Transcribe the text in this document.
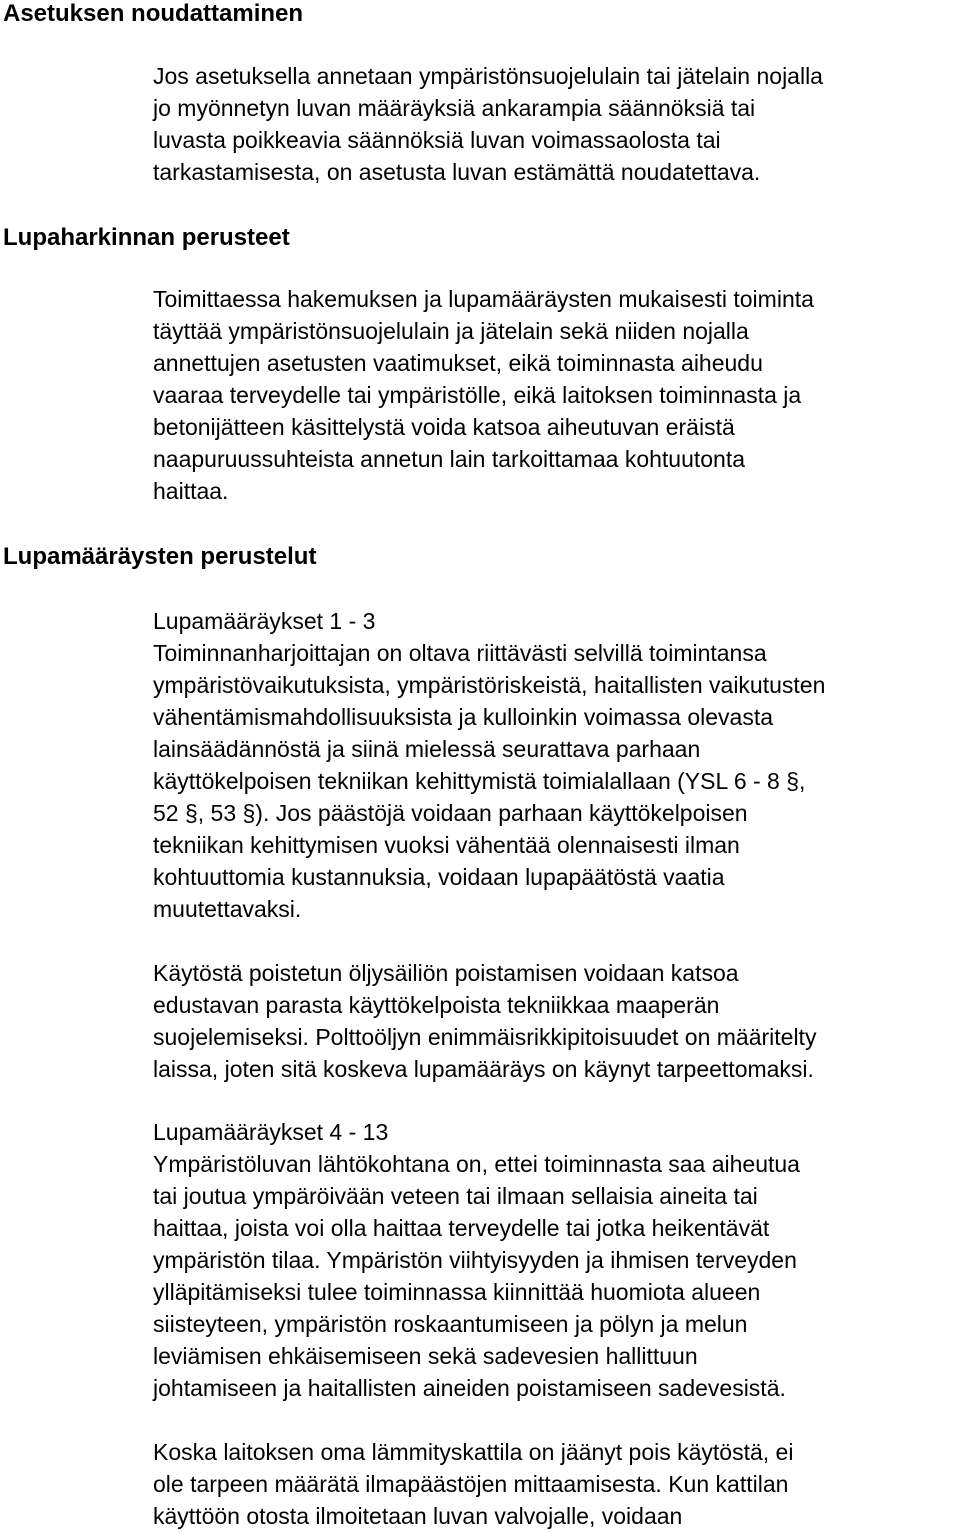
Asetuksen noudattaminen

Jos asetuksella annetaan ympäristönsuojelulain tai jätelain nojalla
jo myönnetyn luvan määräyksiä ankarampia säännöksiä tai
luvasta poikkeavia säännöksiä luvan voimassaolosta tai
tarkastamisesta, on asetusta luvan estämättä noudatettava.

Lupaharkinnan perusteet

Toimittaessa hakemuksen ja lupamääräysten mukaisesti toiminta
täyttää ympäristönsuojelulain ja jätelain sekä niiden nojalla
annettujen asetusten vaatimukset, eikä toiminnasta aiheudu
vaaraa terveydelle tai ympäristölle, eikä laitoksen toiminnasta ja
betonijätteen käsittelystä voida katsoa aiheutuvan eräistä
naapuruussuhteista annetun lain tarkoittamaa kohtuutonta
haittaa.

Lupamääräysten perustelut

Lupamääräykset 1 - 3
Toiminnanharjoittajan on oltava riittävästi selvillä toimintansa
ympäristövaikutuksista, ympäristöriskeistä, haitallisten vaikutusten
vähentämismahdollisuuksista ja kulloinkin voimassa olevasta
lainsäädännöstä ja siinä mielessä seurattava parhaan
käyttökelpoisen tekniikan kehittymistä toimialallaan (YSL 6 - 8 §,
52 §, 53 §). Jos päästöjä voidaan parhaan käyttökelpoisen
tekniikan kehittymisen vuoksi vähentää olennaisesti ilman
kohtuuttomia kustannuksia, voidaan lupapäätöstä vaatia
muutettavaksi.

Käytöstä poistetun öljysäiliön poistamisen voidaan katsoa
edustavan parasta käyttökelpoista tekniikkaa maaperän
suojelemiseksi. Polttoöljyn enimmäisrikkipitoisuudet on määritelty
laissa, joten sitä koskeva lupamääräys on käynyt tarpeettomaksi.

Lupamääräykset 4 - 13
Ympäristöluvan lähtökohtana on, ettei toiminnasta saa aiheutua
tai joutua ympäröivään veteen tai ilmaan sellaisia aineita tai
haittaa, joista voi olla haittaa terveydelle tai jotka heikentävät
ympäristön tilaa. Ympäristön viihtyisyyden ja ihmisen terveyden
ylläpitämiseksi tulee toiminnassa kiinnittää huomiota alueen
siisteyteen, ympäristön roskaantumiseen ja pölyn ja melun
leviämisen ehkäisemiseen sekä sadevesien hallittuun
johtamiseen ja haitallisten aineiden poistamiseen sadevesistä.

Koska laitoksen oma lämmityskattila on jäänyt pois käytöstä, ei
ole tarpeen määrätä ilmapäästöjen mittaamisesta. Kun kattilan
käyttöön otosta ilmoitetaan luvan valvojalle, voidaan
